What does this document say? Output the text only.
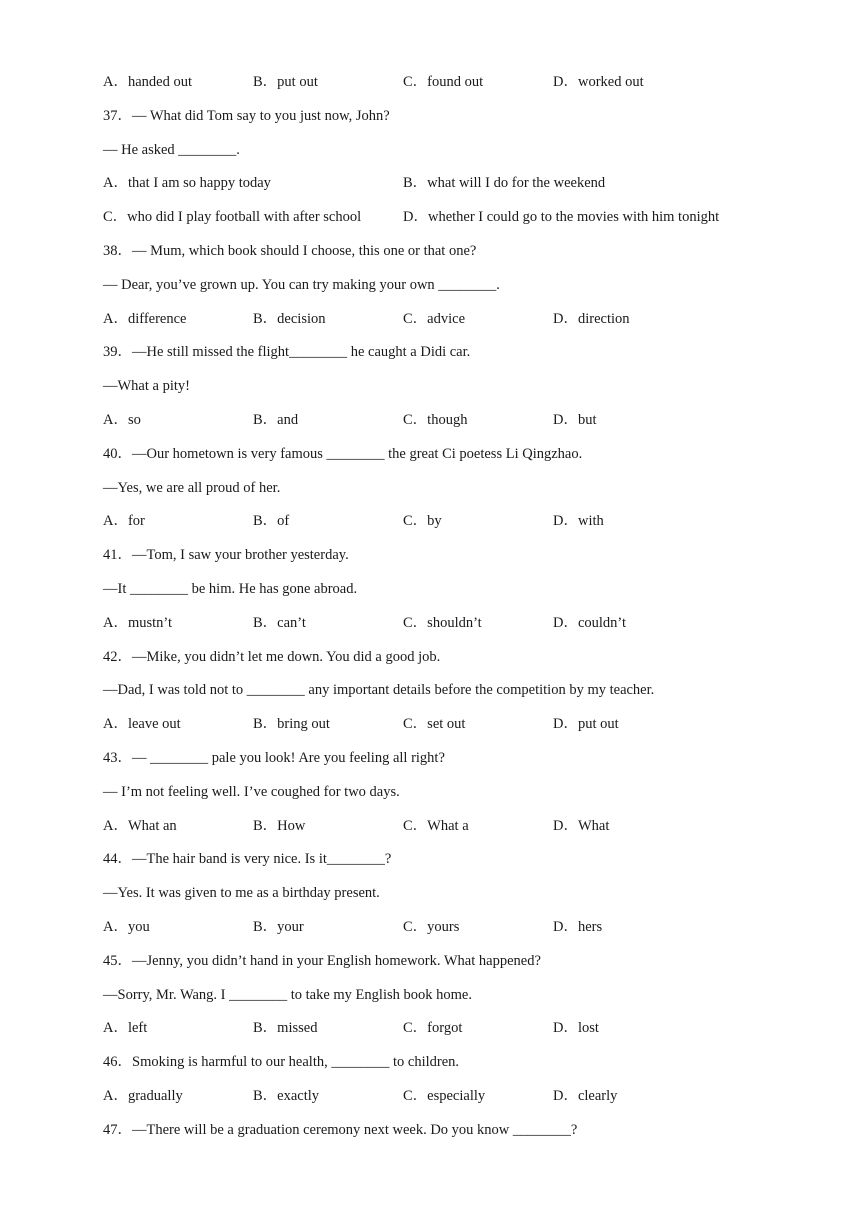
A．handed out	B．put out	C．found out	D．worked out
37．— What did Tom say to you just now, John?
— He asked ________.
A．that I am so happy today	B．what will I do for the weekend
C．who did I play football with after school	D．whether I could go to the movies with him tonight
38．— Mum, which book should I choose, this one or that one?
— Dear, you’ve grown up. You can try making your own ________.
A．difference	B．decision	C．advice	D．direction
39．—He still missed the flight________ he caught a Didi car.
—What a pity!
A．so	B．and	C．though	D．but
40．—Our hometown is very famous ________ the great Ci poetess Li Qingzhao.
—Yes, we are all proud of her.
A．for	B．of	C．by	D．with
41．—Tom, I saw your brother yesterday.
—It ________ be him. He has gone abroad.
A．mustn’t	B．can’t	C．shouldn’t	D．couldn’t
42．—Mike, you didn’t let me down. You did a good job.
—Dad, I was told not to ________ any important details before the competition by my teacher.
A．leave out	B．bring out	C．set out	D．put out
43．— ________ pale you look! Are you feeling all right?
— I’m not feeling well. I’ve coughed for two days.
A．What an	B．How	C．What a	D．What
44．—The hair band is very nice. Is it________?
—Yes. It was given to me as a birthday present.
A．you	B．your	C．yours	D．hers
45．—Jenny, you didn’t hand in your English homework. What happened?
—Sorry, Mr. Wang. I ________ to take my English book home.
A．left	B．missed	C．forgot	D．lost
46．Smoking is harmful to our health, ________ to children.
A．gradually	B．exactly	C．especially	D．clearly
47．—There will be a graduation ceremony next week. Do you know ________?
